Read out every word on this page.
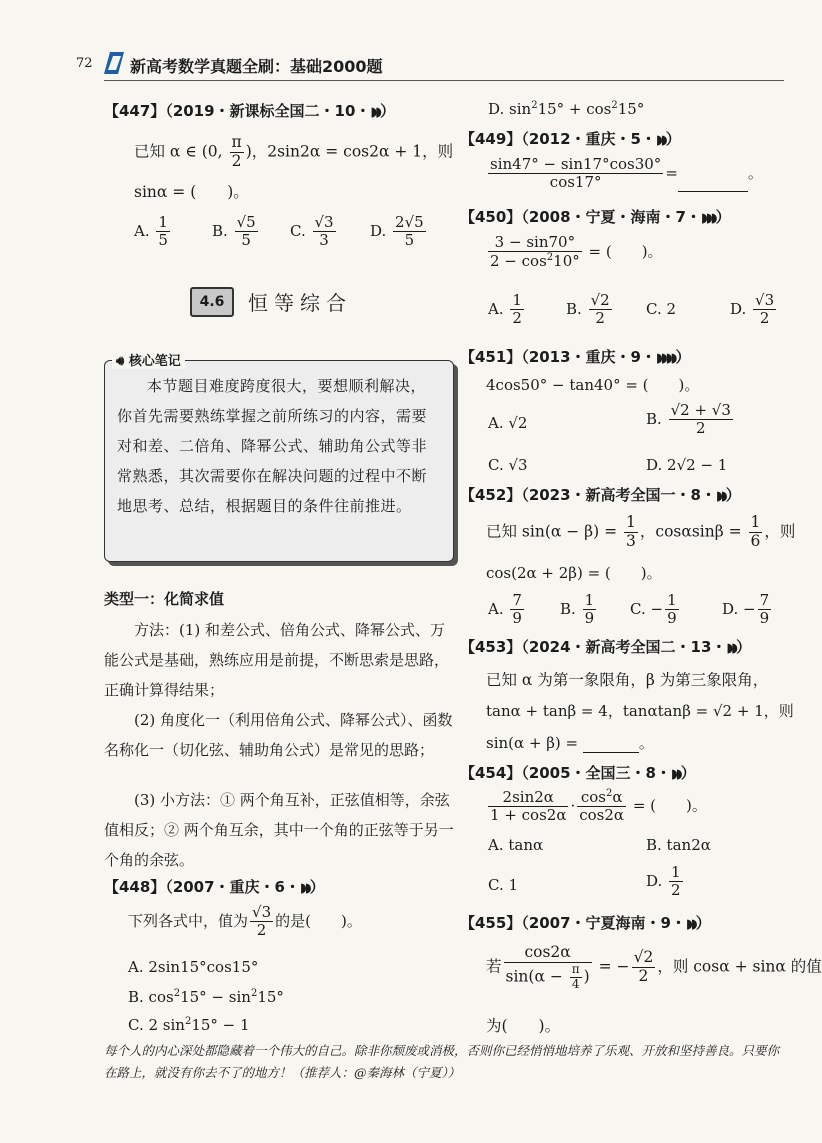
72 新高考数学真题全刷：基础2000题
【447】（2019・新课标全国二・10・◗◗）
已知 α ∈ (0, $\frac{\pi}{2}$ )，2sin2α = cos2α + 1，则
sinα = (　　)。
A. $\frac{1}{5}$	B. $\frac{√5}{5} C$. $\frac{√3}{3} D$. $\frac{2√5}{5}$
4.6	恒等综合
本节题目难度跨度很大，要想顺利解决，你首先需要熟练掌握之前所练习的内容，需要对和差、二倍角、降幂公式、辅助角公式等非常熟悉，其次需要你在解决问题的过程中不断地思考、总结，根据题目的条件往前推进。
🔊︎ 核心笔记
类型一：化简求值
方法：(1) 和差公式、倍角公式、降幂公式、万能公式是基础，熟练应用是前提，不断思索是思路，正确计算得结果；
(2) 角度化一（利用倍角公式、降幂公式）、函数名称化一（切化弦、辅助角公式）是常见的思路；
(3) 小方法：① 两个角互补，正弦值相等，余弦值相反；② 两个角互余，其中一个角的正弦等于另一个角的余弦。
【448】（2007・重庆・6・◗◗）
下列各式中，值为 $\frac{√3}{2}$ 的是(　　)。
A. 2sin15°cos15°
B. $\cos^215^\circ - \sin^215^\circ$
C. 2 $\sin^215^\circ - 1$
D. $\sin^215^\circ + \cos^215^\circ$
【449】（2012・重庆・5・◗◗）
$\frac{\sin 47^\circ - \sin 17^\circ\cos 30^\circ}{\cos 17^\circ}$ =	。
【450】（2008・宁夏・海南・7・◗◗◗）
$\frac{3 - \sin 70^\circ}{2 - \cos^210^\circ}$ = (　　)。
A. $\frac{1}{2}$	B. $\frac{√2}{2} C$. 2	D. $\frac{√3}{2}$
【451】（2013・重庆・9・◗◗◗◗）
4cos50° − tan40° = (　　)。
A. √2	B. $\frac{√2 + √3}{2}$
C. √3	D. 2√2 − 1
【452】（2023・新高考全国一・8・◗◗）
已知 $\sin(\alpha - \beta) = \frac{1}{3}$ ，$\cos\alpha\sin\beta = \frac{1}{6}$ ，则
cos(2α + 2β) = (　　)。
A. $\frac{7}{9} B$. $\frac{1}{9} C$. − $\frac{1}{9}$	D. − $\frac{7}{9}$
【453】（2024・新高考全国二・13・◗◗）
已知 α 为第一象限角，β 为第三象限角，
tanα + tanβ = 4，tanαtanβ = √2 + 1，则
sin(α + β) =	。
【454】（2005・全国三・8・◗◗）
$\frac{2\sin 2\alpha}{1 + \cos 2\alpha} \cdot \frac{\cos^2\alpha}{\cos 2\alpha}$ = (　　)。
A. tanα	B. tan2α
C. 1	D. $\frac{1}{2}$
【455】（2007・宁夏海南・9・◗◗）
若 $\frac{\cos 2\alpha}{\sin(\alpha - \frac{\pi}{4} )}$ = − $\frac{√2}{2}$ ，则 cosα + sinα 的值
为(　　)。
每个人的内心深处都隐藏着一个伟大的自己。除非你颓废或消极，否则你已经悄悄地培养了乐观、开放和坚持善良。只要你
在路上，就没有你去不了的地方！（推荐人：@秦海林（宁夏））
